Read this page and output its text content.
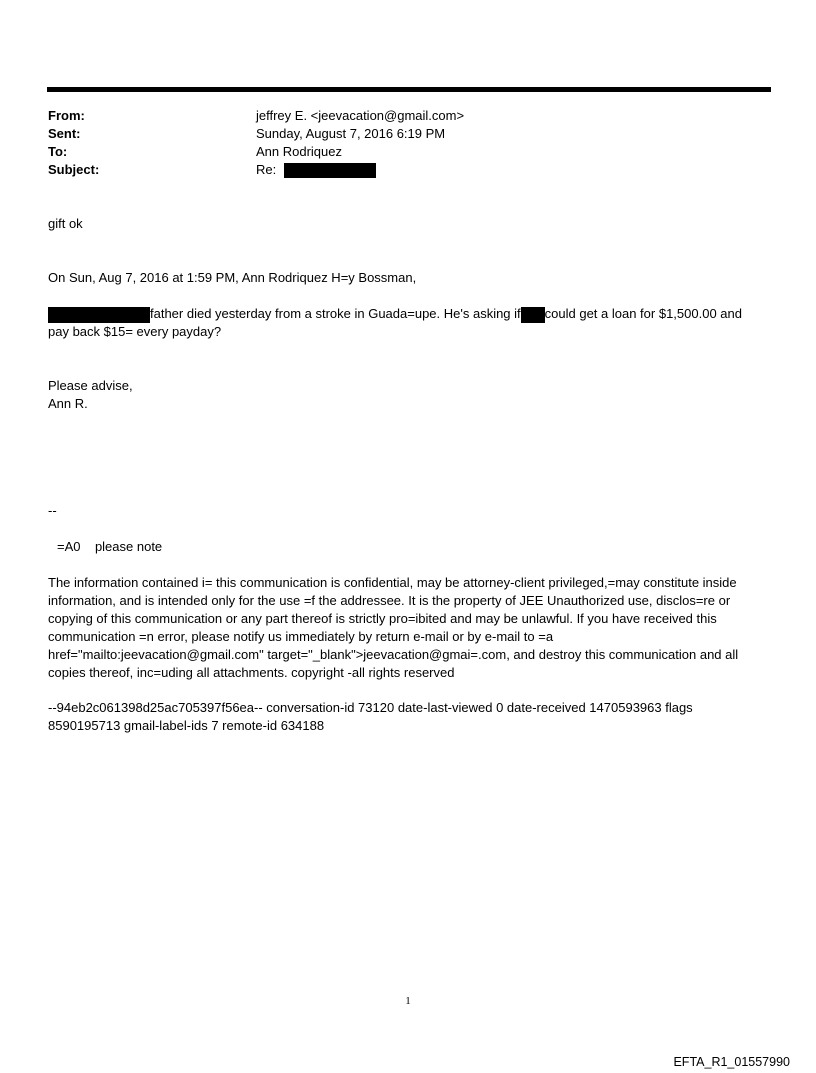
From:	jeffrey E. <jeevacation@gmail.com>
Sent:	Sunday, August 7, 2016 6:19 PM
To:	Ann Rodriquez
Subject:	Re:
gift ok
On Sun, Aug 7, 2016 at 1:59 PM, Ann Rodriquez H=y Bossman,
father died yesterday from a stroke in Guada=upe. He's asking if could get a loan for $1,500.00 and
pay back $15= every payday?
Please advise,
Ann R.
--
=A0    please note
The information contained i= this communication is confidential, may be attorney-client privileged,=may constitute inside information, and is intended only for the use =f the addressee. It is the property of JEE Unauthorized use, disclos=re or copying of this communication or any part thereof is strictly pro=ibited and may be unlawful. If you have received this communication =n error, please notify us immediately by return e-mail or by e-mail to =a href="mailto:jeevacation@gmail.com" target="_blank">jeevacation@gmai=.com, and destroy this communication and all copies thereof, inc=uding all attachments. copyright -all rights reserved
--94eb2c061398d25ac705397f56ea-- conversation-id 73120 date-last-viewed 0 date-received 1470593963 flags 8590195713 gmail-label-ids 7 remote-id 634188
1
EFTA_R1_01557990
